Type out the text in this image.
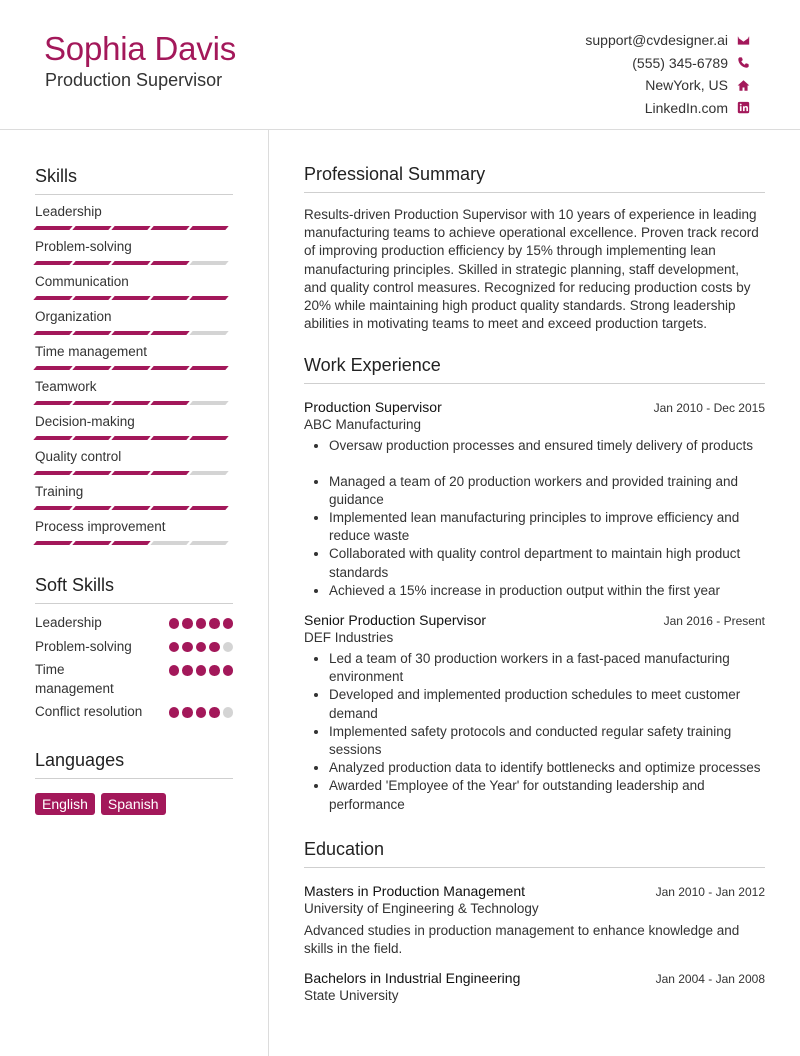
Sophia Davis
Production Supervisor
support@cvdesigner.ai
(555) 345-6789
NewYork, US
LinkedIn.com
Skills
Leadership
Problem-solving
Communication
Organization
Time management
Teamwork
Decision-making
Quality control
Training
Process improvement
Soft Skills
Leadership
Problem-solving
Time management
Conflict resolution
Languages
English	Spanish
Professional Summary
Results-driven Production Supervisor with 10 years of experience in leading manufacturing teams to achieve operational excellence. Proven track record of improving production efficiency by 15% through implementing lean manufacturing principles. Skilled in strategic planning, staff development, and quality control measures. Recognized for reducing production costs by 20% while maintaining high product quality standards. Strong leadership abilities in motivating teams to meet and exceed production targets.
Work Experience
Production Supervisor	Jan 2010 - Dec 2015
ABC Manufacturing
• Oversaw production processes and ensured timely delivery of products
• Managed a team of 20 production workers and provided training and guidance
• Implemented lean manufacturing principles to improve efficiency and reduce waste
• Collaborated with quality control department to maintain high product standards
• Achieved a 15% increase in production output within the first year
Senior Production Supervisor	Jan 2016 - Present
DEF Industries
• Led a team of 30 production workers in a fast-paced manufacturing environment
• Developed and implemented production schedules to meet customer demand
• Implemented safety protocols and conducted regular safety training sessions
• Analyzed production data to identify bottlenecks and optimize processes
• Awarded 'Employee of the Year' for outstanding leadership and performance
Education
Masters in Production Management	Jan 2010 - Jan 2012
University of Engineering & Technology
Advanced studies in production management to enhance knowledge and skills in the field.
Bachelors in Industrial Engineering	Jan 2004 - Jan 2008
State University
